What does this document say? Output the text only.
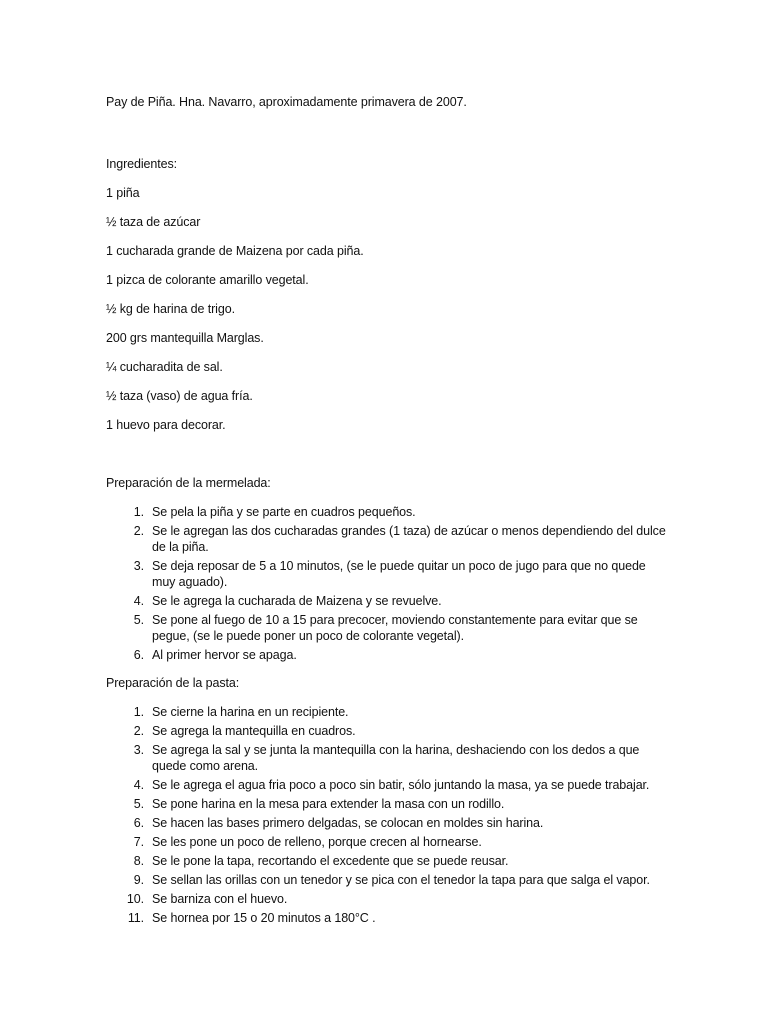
Pay de Piña. Hna. Navarro, aproximadamente primavera de 2007.

Ingredientes:

1 piña
½ taza de azúcar
1 cucharada grande de Maizena por cada piña.
1 pizca de colorante amarillo vegetal.
½ kg de harina de trigo.
200 grs mantequilla Marglas.
¼ cucharadita de sal.
½ taza (vaso) de agua fría.
1 huevo para decorar.

Preparación de la mermelada:

1. Se pela la piña y se parte en cuadros pequeños.
2. Se le agregan las dos cucharadas grandes (1 taza) de azúcar o menos dependiendo del dulce de la piña.
3. Se deja reposar de 5 a 10 minutos, (se le puede quitar un poco de jugo para que no quede muy aguado).
4. Se le agrega la cucharada de Maizena y se revuelve.
5. Se pone al fuego de 10 a 15 para precocer, moviendo constantemente para evitar que se pegue, (se le puede poner un poco de colorante vegetal).
6. Al primer hervor se apaga.

Preparación de la pasta:

1. Se cierne la harina en un recipiente.
2. Se agrega la mantequilla en cuadros.
3. Se agrega la sal y se junta la mantequilla con la harina, deshaciendo con los dedos a que quede como arena.
4. Se le agrega el agua fria poco a poco sin batir, sólo juntando la masa, ya se puede trabajar.
5. Se pone harina en la mesa para extender la masa con un rodillo.
6. Se hacen las bases primero delgadas, se colocan en moldes sin harina.
7. Se les pone un poco de relleno, porque crecen al hornearse.
8. Se le pone la tapa, recortando el excedente que se puede reusar.
9. Se sellan las orillas con un tenedor y se pica con el tenedor la tapa para que salga el vapor.
10. Se barniza con el huevo.
11. Se hornea por 15 o 20 minutos a 180°C .
